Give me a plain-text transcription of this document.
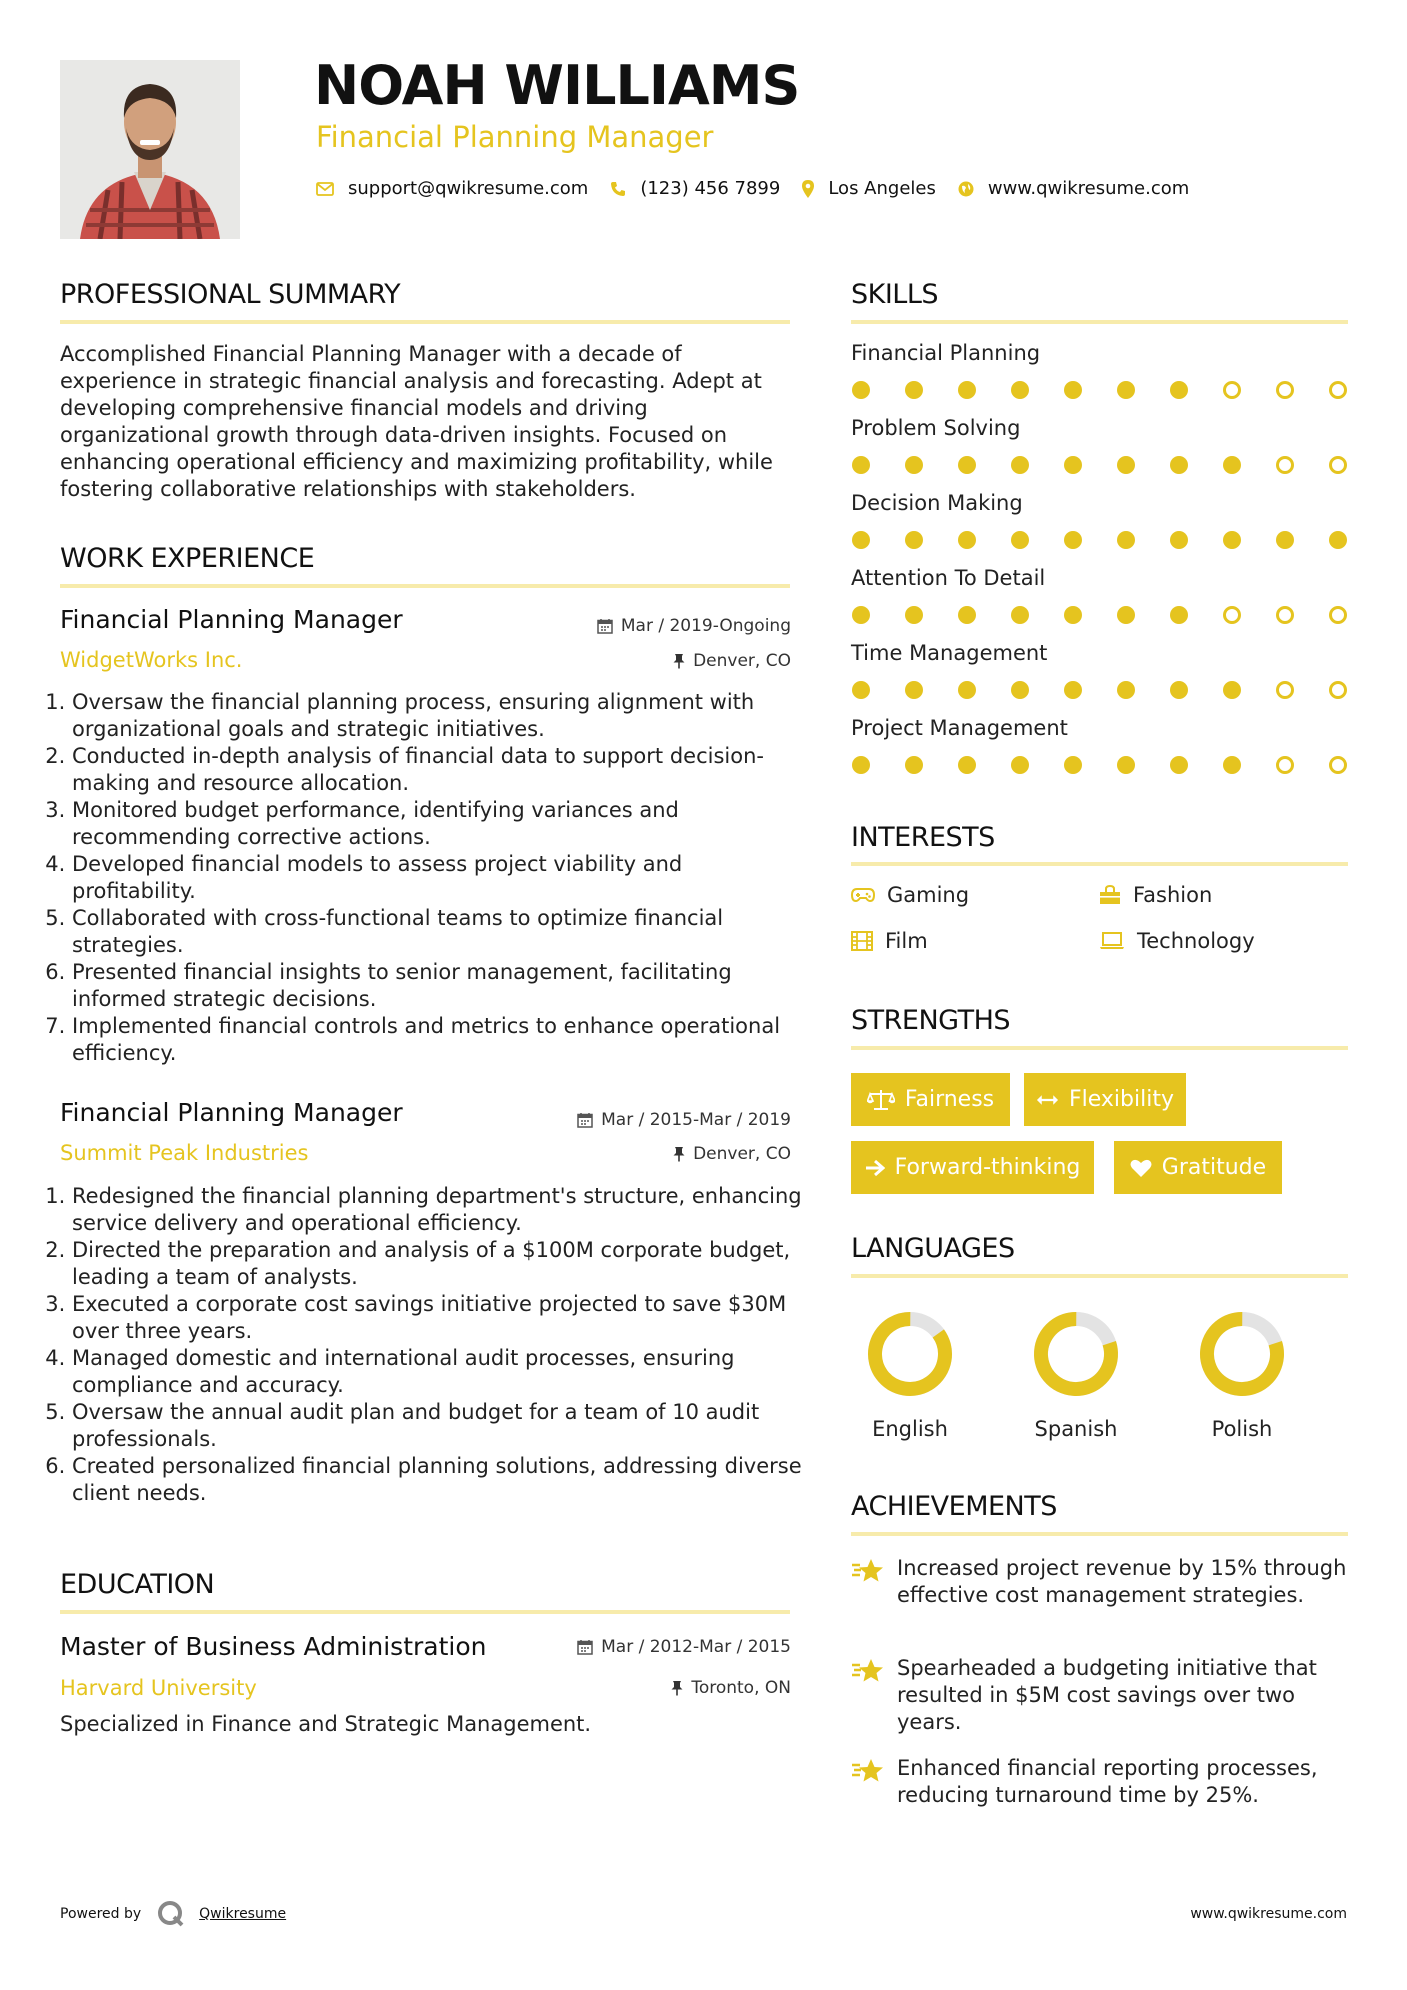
NOAH WILLIAMS
Financial Planning Manager
support@qwikresume.com	(123) 456 7899	Los Angeles	www.qwikresume.com
PROFESSIONAL SUMMARY
Accomplished Financial Planning Manager with a decade of experience in strategic financial analysis and forecasting. Adept at developing comprehensive financial models and driving organizational growth through data-driven insights. Focused on enhancing operational efficiency and maximizing profitability, while fostering collaborative relationships with stakeholders.
WORK EXPERIENCE
Financial Planning Manager	Mar / 2019-Ongoing
WidgetWorks Inc.	Denver, CO
1. Oversaw the financial planning process, ensuring alignment with organizational goals and strategic initiatives.
2. Conducted in-depth analysis of financial data to support decision-making and resource allocation.
3. Monitored budget performance, identifying variances and recommending corrective actions.
4. Developed financial models to assess project viability and profitability.
5. Collaborated with cross-functional teams to optimize financial strategies.
6. Presented financial insights to senior management, facilitating informed strategic decisions.
7. Implemented financial controls and metrics to enhance operational efficiency.
Financial Planning Manager	Mar / 2015-Mar / 2019
Summit Peak Industries	Denver, CO
1. Redesigned the financial planning department's structure, enhancing service delivery and operational efficiency.
2. Directed the preparation and analysis of a $100M corporate budget, leading a team of analysts.
3. Executed a corporate cost savings initiative projected to save $30M over three years.
4. Managed domestic and international audit processes, ensuring compliance and accuracy.
5. Oversaw the annual audit plan and budget for a team of 10 audit professionals.
6. Created personalized financial planning solutions, addressing diverse client needs.
EDUCATION
Master of Business Administration	Mar / 2012-Mar / 2015
Harvard University	Toronto, ON
Specialized in Finance and Strategic Management.
SKILLS
Financial Planning
Problem Solving
Decision Making
Attention To Detail
Time Management
Project Management
INTERESTS
Gaming	Fashion
Film	Technology
STRENGTHS
Fairness	Flexibility
Forward-thinking	Gratitude
LANGUAGES
English	Spanish	Polish
ACHIEVEMENTS
Increased project revenue by 15% through effective cost management strategies.
Spearheaded a budgeting initiative that resulted in $5M cost savings over two years.
Enhanced financial reporting processes, reducing turnaround time by 25%.
Powered by	Qwikresume	www.qwikresume.com
